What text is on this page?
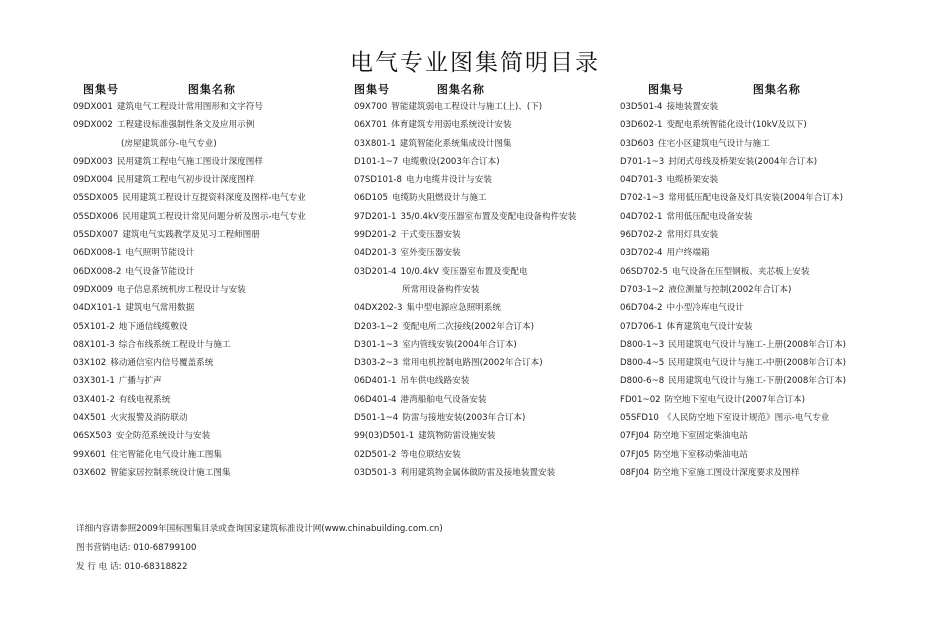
电气专业图集简明目录
图集号	图集名称
09DX001 建筑电气工程设计常用图形和文字符号
09DX002 工程建设标准强制性条文及应用示例
(房屋建筑部分-电气专业)
09DX003 民用建筑工程电气施工图设计深度图样
09DX004 民用建筑工程电气初步设计深度图样
05SDX005 民用建筑工程设计互提资料深度及图样-电气专业
05SDX006 民用建筑工程设计常见问题分析及图示-电气专业
05SDX007 建筑电气实践教学及见习工程师图册
06DX008-1 电气照明节能设计
06DX008-2 电气设备节能设计
09DX009 电子信息系统机房工程设计与安装
04DX101-1 建筑电气常用数据
05X101-2 地下通信线缆敷设
08X101-3 综合布线系统工程设计与施工
03X102 移动通信室内信号覆盖系统
03X301-1 广播与扩声
03X401-2 有线电视系统
04X501 火灾报警及消防联动
06SX503 安全防范系统设计与安装
99X601 住宅智能化电气设计施工图集
03X602 智能家居控制系统设计施工图集
图集号	图集名称
09X700 智能建筑弱电工程设计与施工(上)、(下)
06X701 体育建筑专用弱电系统设计安装
03X801-1 建筑智能化系统集成设计图集
D101-1~7 电缆敷设(2003年合订本)
07SD101-8 电力电缆井设计与安装
06D105 电缆防火阻燃设计与施工
97D201-1 35/0.4kV变压器室布置及变配电设备构件安装
99D201-2 干式变压器安装
04D201-3 室外变压器安装
03D201-4 10/0.4kV 变压器室布置及变配电
所常用设备构件安装
04DX202-3 集中型电源应急照明系统
D203-1~2 变配电所二次接线(2002年合订本)
D301-1~3 室内管线安装(2004年合订本)
D303-2~3 常用电机控制电路图(2002年合订本)
06D401-1 吊车供电线路安装
06D401-4 港湾船舶电气设备安装
D501-1~4 防雷与接地安装(2003年合订本)
99(03)D501-1 建筑物防雷设施安装
02D501-2 等电位联结安装
03D501-3 利用建筑物金属体做防雷及接地装置安装
图集号	图集名称
03D501-4 接地装置安装
03D602-1 变配电系统智能化设计(10kV及以下)
03D603 住宅小区建筑电气设计与施工
D701-1~3 封闭式母线及桥架安装(2004年合订本)
04D701-3 电缆桥架安装
D702-1~3 常用低压配电设备及灯具安装(2004年合订本)
04D702-1 常用低压配电设备安装
96D702-2 常用灯具安装
03D702-4 用户终端箱
06SD702-5 电气设备在压型钢板、夹芯板上安装
D703-1~2 液位测量与控制(2002年合订本)
06D704-2 中小型冷库电气设计
07D706-1 体育建筑电气设计安装
D800-1~3 民用建筑电气设计与施工-上册(2008年合订本)
D800-4~5 民用建筑电气设计与施工-中册(2008年合订本)
D800-6~8 民用建筑电气设计与施工-下册(2008年合订本)
FD01~02 防空地下室电气设计(2007年合订本)
05SFD10 《人民防空地下室设计规范》图示-电气专业
07FJ04 防空地下室固定柴油电站
07FJ05 防空地下室移动柴油电站
08FJ04 防空地下室施工图设计深度要求及图样
详细内容请参照2009年国标图集目录或查询国家建筑标准设计网(www.chinabuilding.com.cn)
图书营销电话: 010-68799100
发 行 电 话: 010-68318822
